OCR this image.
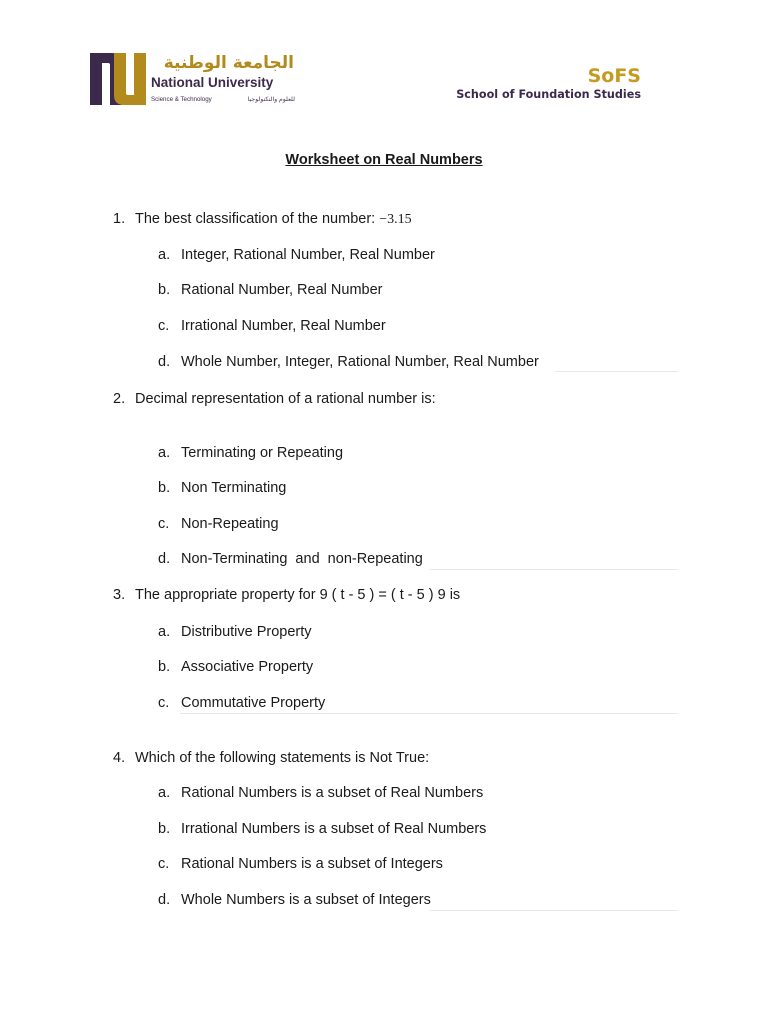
الجامعة الوطنية
National University
Science & Technology	للعلوم والتكنولوجيا
SoFS
School of Foundation Studies
Worksheet on Real Numbers
1. The best classification of the number: −3.15
a. Integer, Rational Number, Real Number
b. Rational Number, Real Number
c. Irrational Number, Real Number
d. Whole Number, Integer, Rational Number, Real Number
2. Decimal representation of a rational number is:
a. Terminating or Repeating
b. Non Terminating
c. Non-Repeating
d. Non-Terminating  and  non-Repeating
3. The appropriate property for 9 ( t - 5 ) = ( t - 5 ) 9 is
a. Distributive Property
b. Associative Property
c. Commutative Property
4. Which of the following statements is Not True:
a. Rational Numbers is a subset of Real Numbers
b. Irrational Numbers is a subset of Real Numbers
c. Rational Numbers is a subset of Integers
d. Whole Numbers is a subset of Integers
